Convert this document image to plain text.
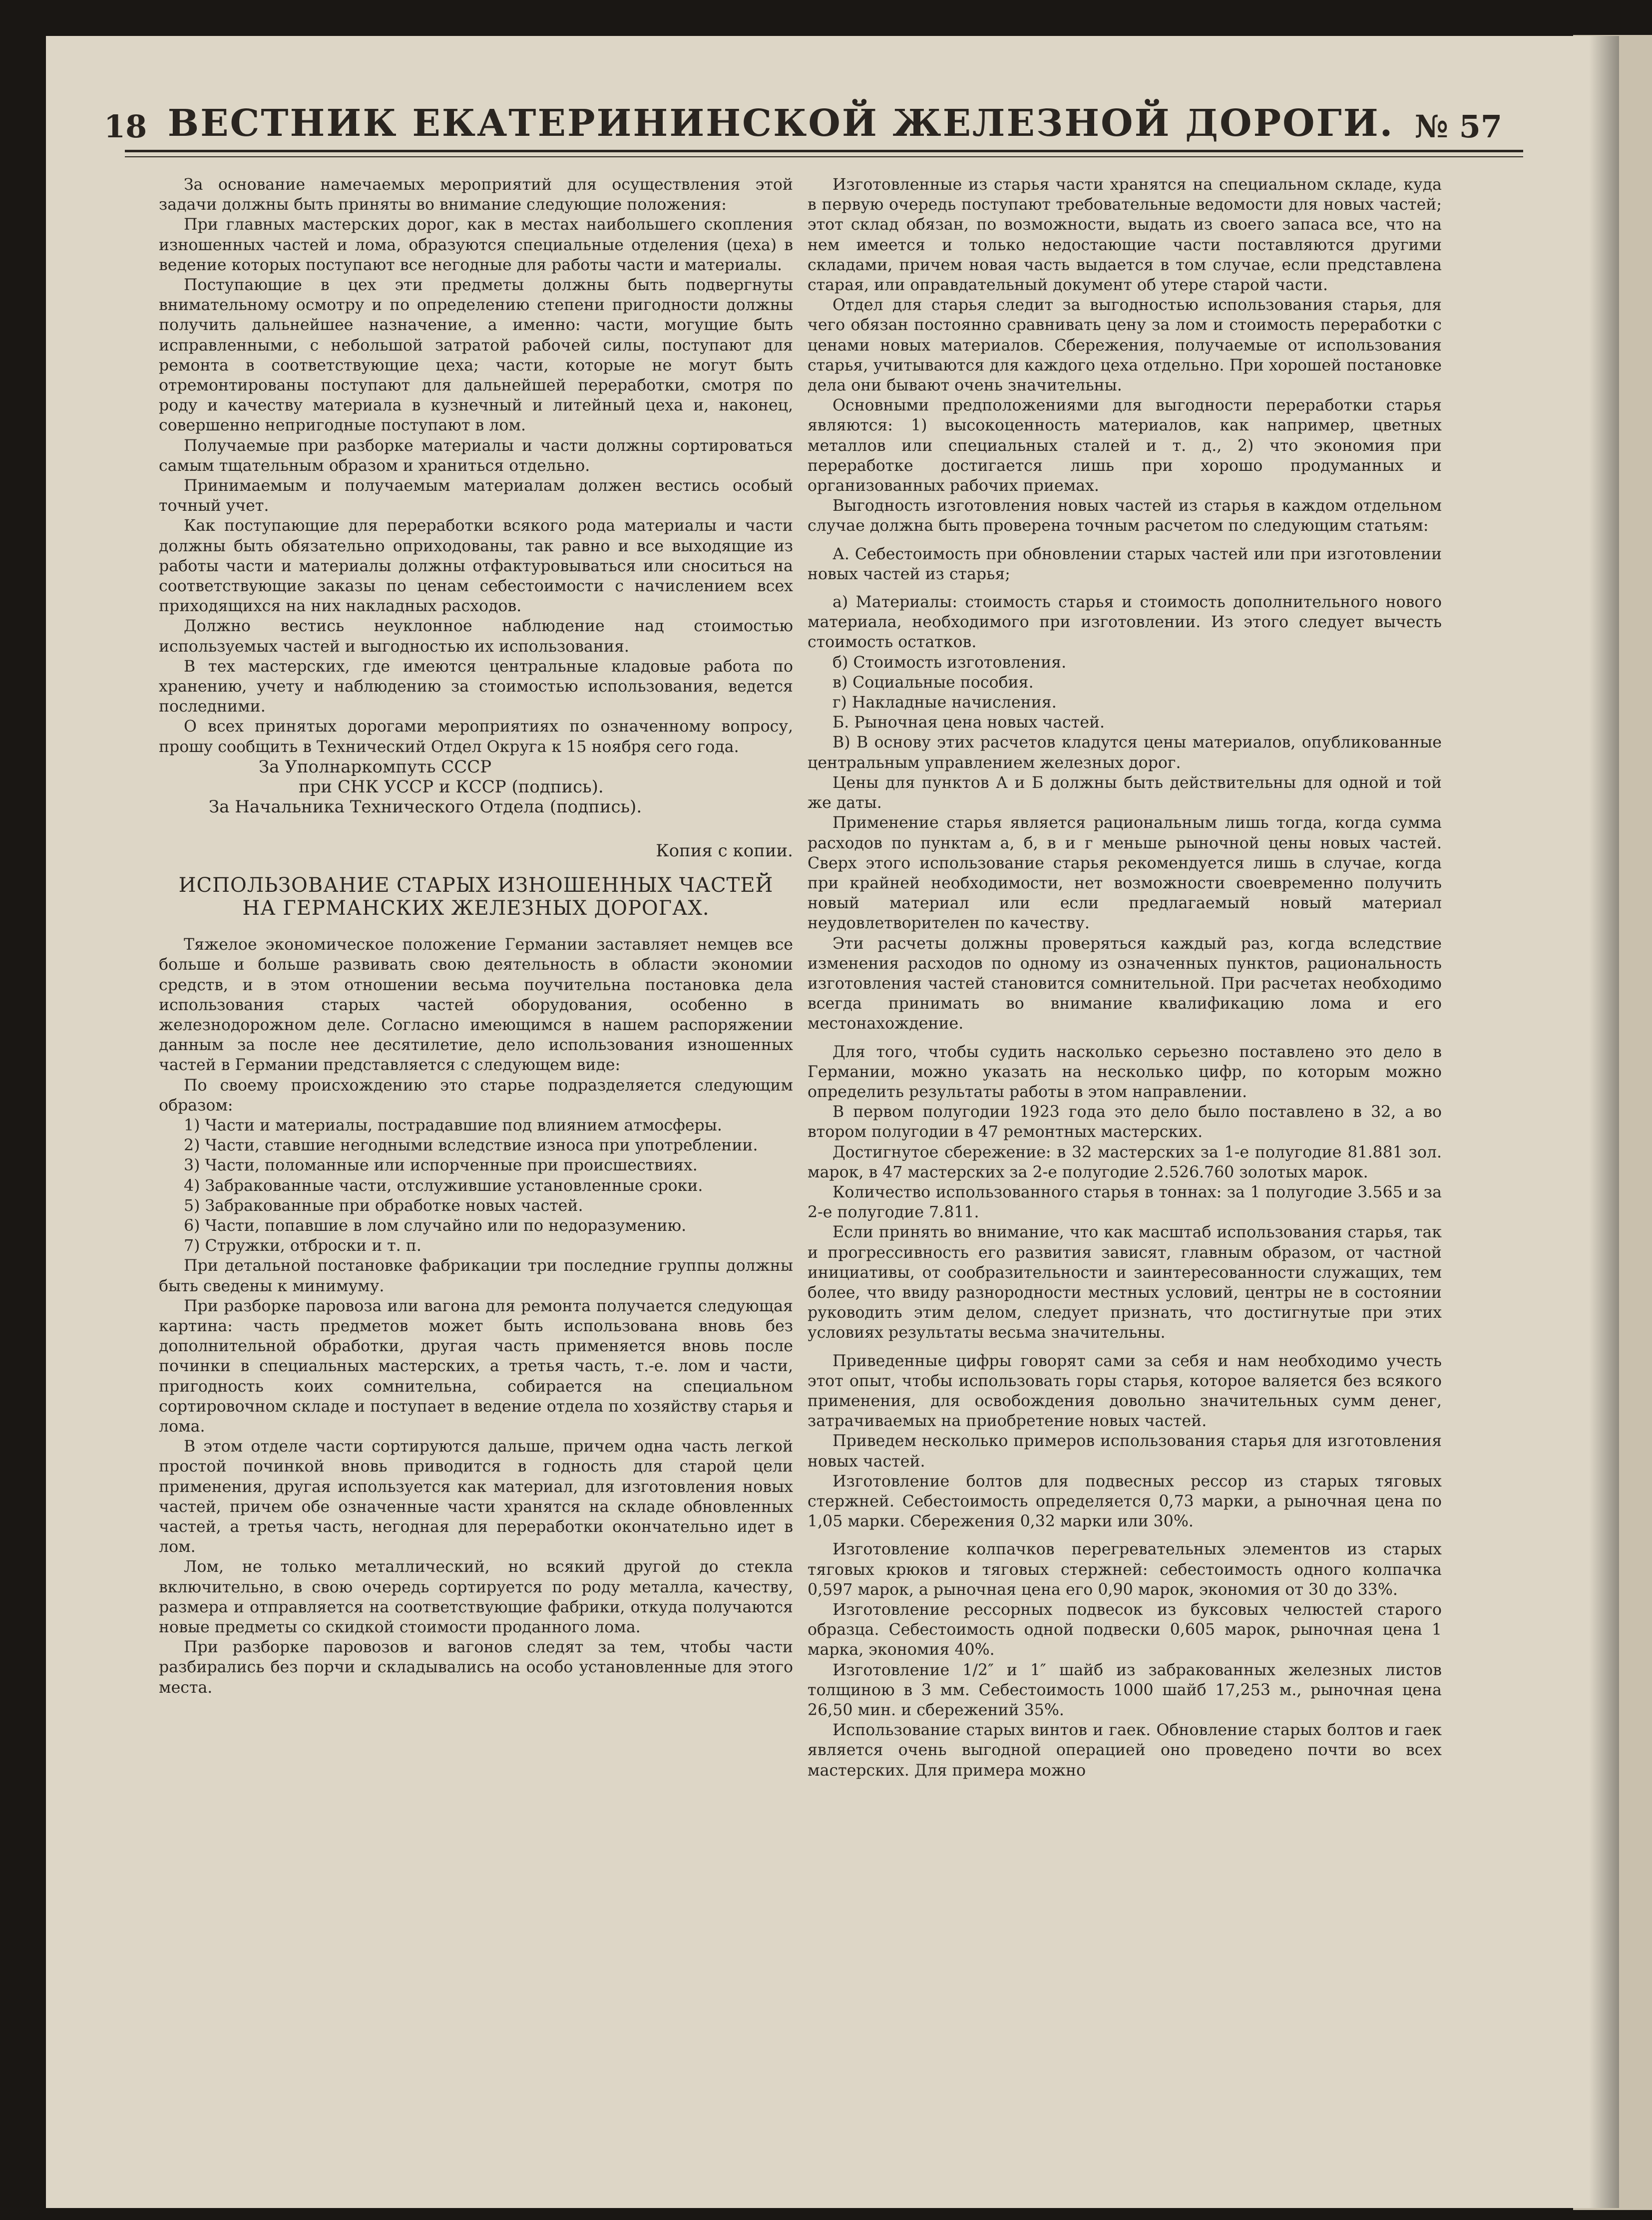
18 ВЕСТНИК ЕКАТЕРИНИНСКОЙ ЖЕЛЕЗНОЙ ДОРОГИ. № 57

За основание намечаемых мероприятий для осуществления этой задачи должны быть приняты во внимание следующие положения:

При главных мастерских дорог, как в местах наибольшего скопления изношенных частей и лома, образуются специальные отделения (цеха) в ведение которых поступают все негодные для работы части и материалы.

Поступающие в цех эти предметы должны быть подвергнуты внимательному осмотру и по определению степени пригодности должны получить дальнейшее назначение, а именно: части, могущие быть исправленными, с небольшой затратой рабочей силы, поступают для ремонта в соответствующие цеха; части, которые не могут быть отремонтированы поступают для дальнейшей переработки, смотря по роду и качеству материала в кузнечный и литейный цеха и, наконец, совершенно непригодные поступают в лом.

Получаемые при разборке материалы и части должны сортироваться самым тщательным образом и храниться отдельно.

Принимаемым и получаемым материалам должен вестись особый точный учет.

Как поступающие для переработки всякого рода материалы и части должны быть обязательно оприходованы, так равно и все выходящие из работы части и материалы должны отфактуровываться или сноситься на соответствующие заказы по ценам себестоимости с начислением всех приходящихся на них накладных расходов.

Должно вестись неуклонное наблюдение над стоимостью используемых частей и выгодностью их использования.

В тех мастерских, где имеются центральные кладовые работа по хранению, учету и наблюдению за стоимостью использования, ведется последними.

О всех принятых дорогами мероприятиях по означенному вопросу, прошу сообщить в Технический Отдел Округа к 15 ноября сего года.

За Уполнаркомпуть СССР

при СНК УССР и КССР (подпись).

За Начальника Технического Отдела (подпись).

Копия с копии.

ИСПОЛЬЗОВАНИЕ СТАРЫХ ИЗНОШЕННЫХ ЧАСТЕЙ НА ГЕРМАНСКИХ ЖЕЛЕЗНЫХ ДОРОГАХ.

Тяжелое экономическое положение Германии заставляет немцев все больше и больше развивать свою деятельность в области экономии средств, и в этом отношении весьма поучительна постановка дела использования старых частей оборудования, особенно в железнодорожном деле. Согласно имеющимся в нашем распоряжении данным за после нее десятилетие, дело использования изношенных частей в Германии представляется с следующем виде:

По своему происхождению это старье подразделяется следующим образом:

1) Части и материалы, пострадавшие под влиянием атмосферы.

2) Части, ставшие негодными вследствие износа при употреблении.

3) Части, поломанные или испорченные при происшествиях.

4) Забракованные части, отслужившие установленные сроки.

5) Забракованные при обработке новых частей.

6) Части, попавшие в лом случайно или по недоразумению.

7) Стружки, отброски и т. п.

При детальной постановке фабрикации три последние группы должны быть сведены к минимуму.

При разборке паровоза или вагона для ремонта получается следующая картина: часть предметов может быть использована вновь без дополнительной обработки, другая часть применяется вновь после починки в специальных мастерских, а третья часть, т.-е. лом и части, пригодность коих сомнительна, собирается на специальном сортировочном складе и поступает в ведение отдела по хозяйству старья и лома.

В этом отделе части сортируются дальше, причем одна часть легкой простой починкой вновь приводится в годность для старой цели применения, другая используется как материал, для изготовления новых частей, причем обе означенные части хранятся на складе обновленных частей, а третья часть, негодная для переработки окончательно идет в лом.

Лом, не только металлический, но всякий другой до стекла включительно, в свою очередь сортируется по роду металла, качеству, размера и отправляется на соответствующие фабрики, откуда получаются новые предметы со скидкой стоимости проданного лома.

При разборке паровозов и вагонов следят за тем, чтобы части разбирались без порчи и складывались на особо установленные для этого места.

Изготовленные из старья части хранятся на специальном складе, куда в первую очередь поступают требовательные ведомости для новых частей; этот склад обязан, по возможности, выдать из своего запаса все, что на нем имеется и только недостающие части поставляются другими складами, причем новая часть выдается в том случае, если представлена старая, или оправдательный документ об утере старой части.

Отдел для старья следит за выгодностью использования старья, для чего обязан постоянно сравнивать цену за лом и стоимость переработки с ценами новых материалов. Сбережения, получаемые от использования старья, учитываются для каждого цеха отдельно. При хорошей постановке дела они бывают очень значительны.

Основными предположениями для выгодности переработки старья являются: 1) высокоценность материалов, как например, цветных металлов или специальных сталей и т. д., 2) что экономия при переработке достигается лишь при хорошо продуманных и организованных рабочих приемах.

Выгодность изготовления новых частей из старья в каждом отдельном случае должна быть проверена точным расчетом по следующим статьям:

А. Себестоимость при обновлении старых частей или при изготовлении новых частей из старья;

а) Материалы: стоимость старья и стоимость дополнительного нового материала, необходимого при изготовлении. Из этого следует вычесть стоимость остатков.

б) Стоимость изготовления.

в) Социальные пособия.

г) Накладные начисления.

Б. Рыночная цена новых частей.

В) В основу этих расчетов кладутся цены материалов, опубликованные центральным управлением железных дорог.

Цены для пунктов А и Б должны быть действительны для одной и той же даты.

Применение старья является рациональным лишь тогда, когда сумма расходов по пунктам а, б, в и г меньше рыночной цены новых частей. Сверх этого использование старья рекомендуется лишь в случае, когда при крайней необходимости, нет возможности своевременно получить новый материал или если предлагаемый новый материал неудовлетворителен по качеству.

Эти расчеты должны проверяться каждый раз, когда вследствие изменения расходов по одному из означенных пунктов, рациональность изготовления частей становится сомнительной. При расчетах необходимо всегда принимать во внимание квалификацию лома и его местонахождение.

Для того, чтобы судить насколько серьезно поставлено это дело в Германии, можно указать на несколько цифр, по которым можно определить результаты работы в этом направлении.

В первом полугодии 1923 года это дело было поставлено в 32, а во втором полугодии в 47 ремонтных мастерских.

Достигнутое сбережение: в 32 мастерских за 1-е полугодие 81.881 зол. марок, в 47 мастерских за 2-е полугодие 2.526.760 золотых марок.

Количество использованного старья в тоннах: за 1 полугодие 3.565 и за 2-е полугодие 7.811.

Если принять во внимание, что как масштаб использования старья, так и прогрессивность его развития зависят, главным образом, от частной инициативы, от сообразительности и заинтересованности служащих, тем более, что ввиду разнородности местных условий, центры не в состоянии руководить этим делом, следует признать, что достигнутые при этих условиях результаты весьма значительны.

Приведенные цифры говорят сами за себя и нам необходимо учесть этот опыт, чтобы использовать горы старья, которое валяется без всякого применения, для освобождения довольно значительных сумм денег, затрачиваемых на приобретение новых частей.

Приведем несколько примеров использования старья для изготовления новых частей.

Изготовление болтов для подвесных рессор из старых тяговых стержней. Себестоимость определяется 0,73 марки, а рыночная цена по 1,05 марки. Сбережения 0,32 марки или 30%.

Изготовление колпачков перегревательных элементов из старых тяговых крюков и тяговых стержней: себестоимость одного колпачка 0,597 марок, а рыночная цена его 0,90 марок, экономия от 30 до 33%.

Изготовление рессорных подвесок из буксовых челюстей старого образца. Себестоимость одной подвески 0,605 марок, рыночная цена 1 марка, экономия 40%.

Изготовление 1/2″ и 1″ шайб из забракованных железных листов толщиною в 3 мм. Себестоимость 1000 шайб 17,253 м., рыночная цена 26,50 мин. и сбережений 35%.

Использование старых винтов и гаек. Обновление старых болтов и гаек является очень выгодной операцией оно проведено почти во всех мастерских. Для примера можно
